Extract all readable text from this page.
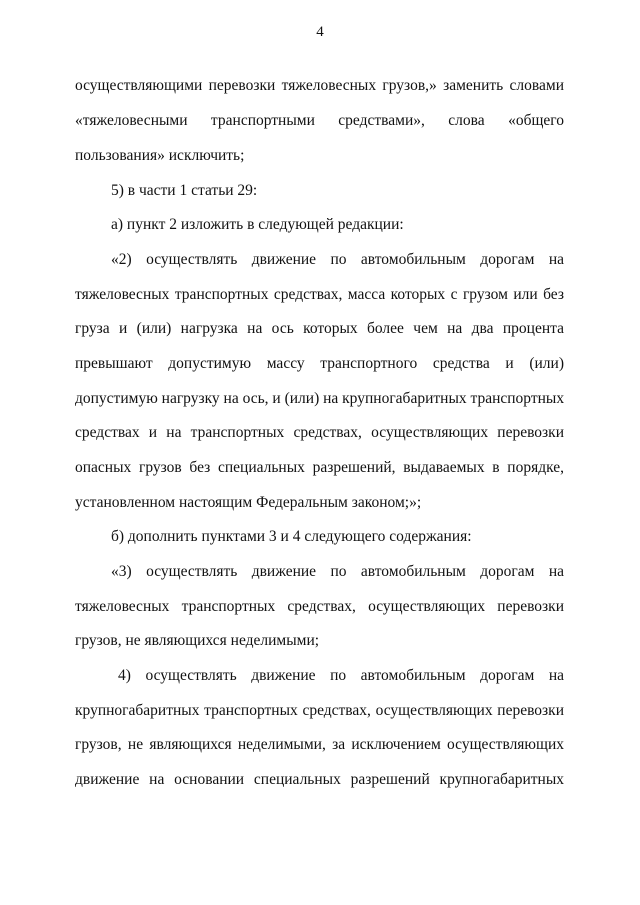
4
осуществляющими перевозки тяжеловесных грузов,» заменить словами
«тяжеловесными транспортными средствами», слова «общего
пользования» исключить;
5) в части 1 статьи 29:
а) пункт 2 изложить в следующей редакции:
«2) осуществлять движение по автомобильным дорогам на
тяжеловесных транспортных средствах, масса которых с грузом или без
груза и (или) нагрузка на ось которых более чем на два процента
превышают допустимую массу транспортного средства и (или)
допустимую нагрузку на ось, и (или) на крупногабаритных транспортных
средствах и на транспортных средствах, осуществляющих перевозки
опасных грузов без специальных разрешений, выдаваемых в порядке,
установленном настоящим Федеральным законом;»;
б) дополнить пунктами 3 и 4 следующего содержания:
«3) осуществлять движение по автомобильным дорогам на
тяжеловесных транспортных средствах, осуществляющих перевозки
грузов, не являющихся неделимыми;
4) осуществлять движение по автомобильным дорогам на
крупногабаритных транспортных средствах, осуществляющих перевозки
грузов, не являющихся неделимыми, за исключением осуществляющих
движение на основании специальных разрешений крупногабаритных
